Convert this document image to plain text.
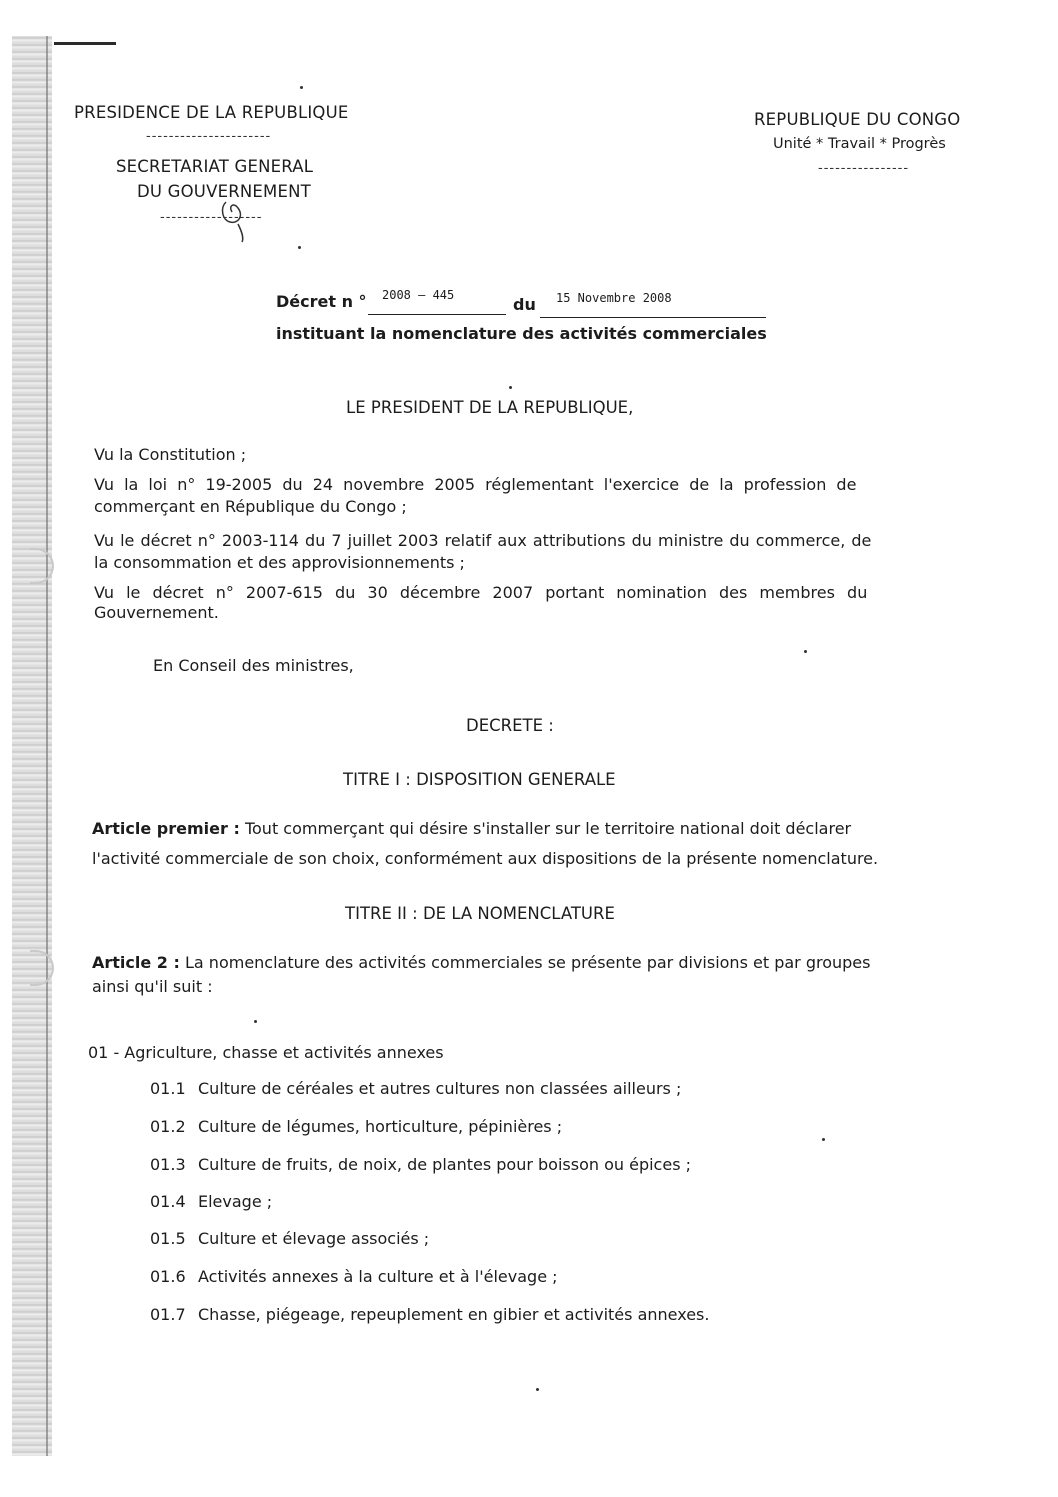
PRESIDENCE DE LA REPUBLIQUE
----------------------
SECRETARIAT GENERAL
DU GOUVERNEMENT
------------------
REPUBLIQUE DU CONGO
Unité * Travail * Progrès
----------------
Décret n ° 2008 – 445	du 15 Novembre 2008
instituant la nomenclature des activités commerciales
LE PRESIDENT DE LA REPUBLIQUE,
Vu la Constitution ;
Vu la loi n° 19-2005 du 24 novembre 2005 réglementant l'exercice de la profession de
commerçant en République du Congo ;
Vu le décret n° 2003-114 du 7 juillet 2003 relatif aux attributions du ministre du commerce, de
la consommation et des approvisionnements ;
Vu le décret n° 2007-615 du 30 décembre 2007 portant nomination des membres du
Gouvernement.
En Conseil des ministres,
DECRETE :
TITRE I : DISPOSITION GENERALE
Article premier : Tout commerçant qui désire s'installer sur le territoire national doit déclarer
l'activité commerciale de son choix, conformément aux dispositions de la présente nomenclature.
TITRE II : DE LA NOMENCLATURE
Article 2 : La nomenclature des activités commerciales se présente par divisions et par groupes
ainsi qu'il suit :
01 - Agriculture, chasse et activités annexes
01.1 Culture de céréales et autres cultures non classées ailleurs ;
01.2 Culture de légumes, horticulture, pépinières ;
01.3 Culture de fruits, de noix, de plantes pour boisson ou épices ;
01.4 Elevage ;
01.5 Culture et élevage associés ;
01.6 Activités annexes à la culture et à l'élevage ;
01.7 Chasse, piégeage, repeuplement en gibier et activités annexes.
